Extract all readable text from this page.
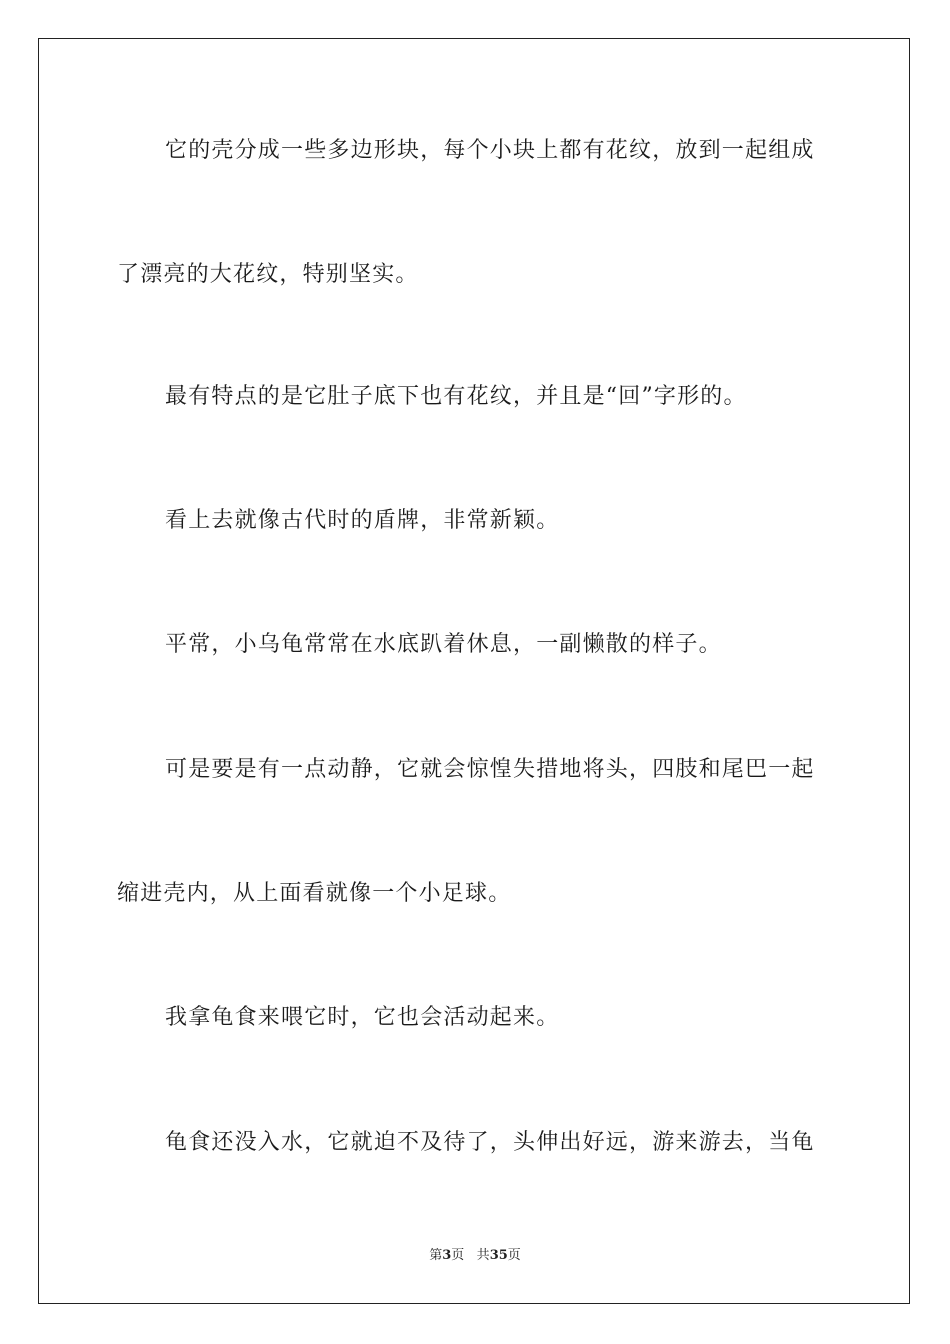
它的壳分成一些多边形块，每个小块上都有花纹，放到一起组成
了漂亮的大花纹，特别坚实。
最有特点的是它肚子底下也有花纹，并且是“回”字形的。
看上去就像古代时的盾牌，非常新颖。
平常，小乌龟常常在水底趴着休息，一副懒散的样子。
可是要是有一点动静，它就会惊惶失措地将头，四肢和尾巴一起
缩进壳内，从上面看就像一个小足球。
我拿龟食来喂它时，它也会活动起来。
龟食还没入水，它就迫不及待了，头伸出好远，游来游去，当龟
第3页 共35页
